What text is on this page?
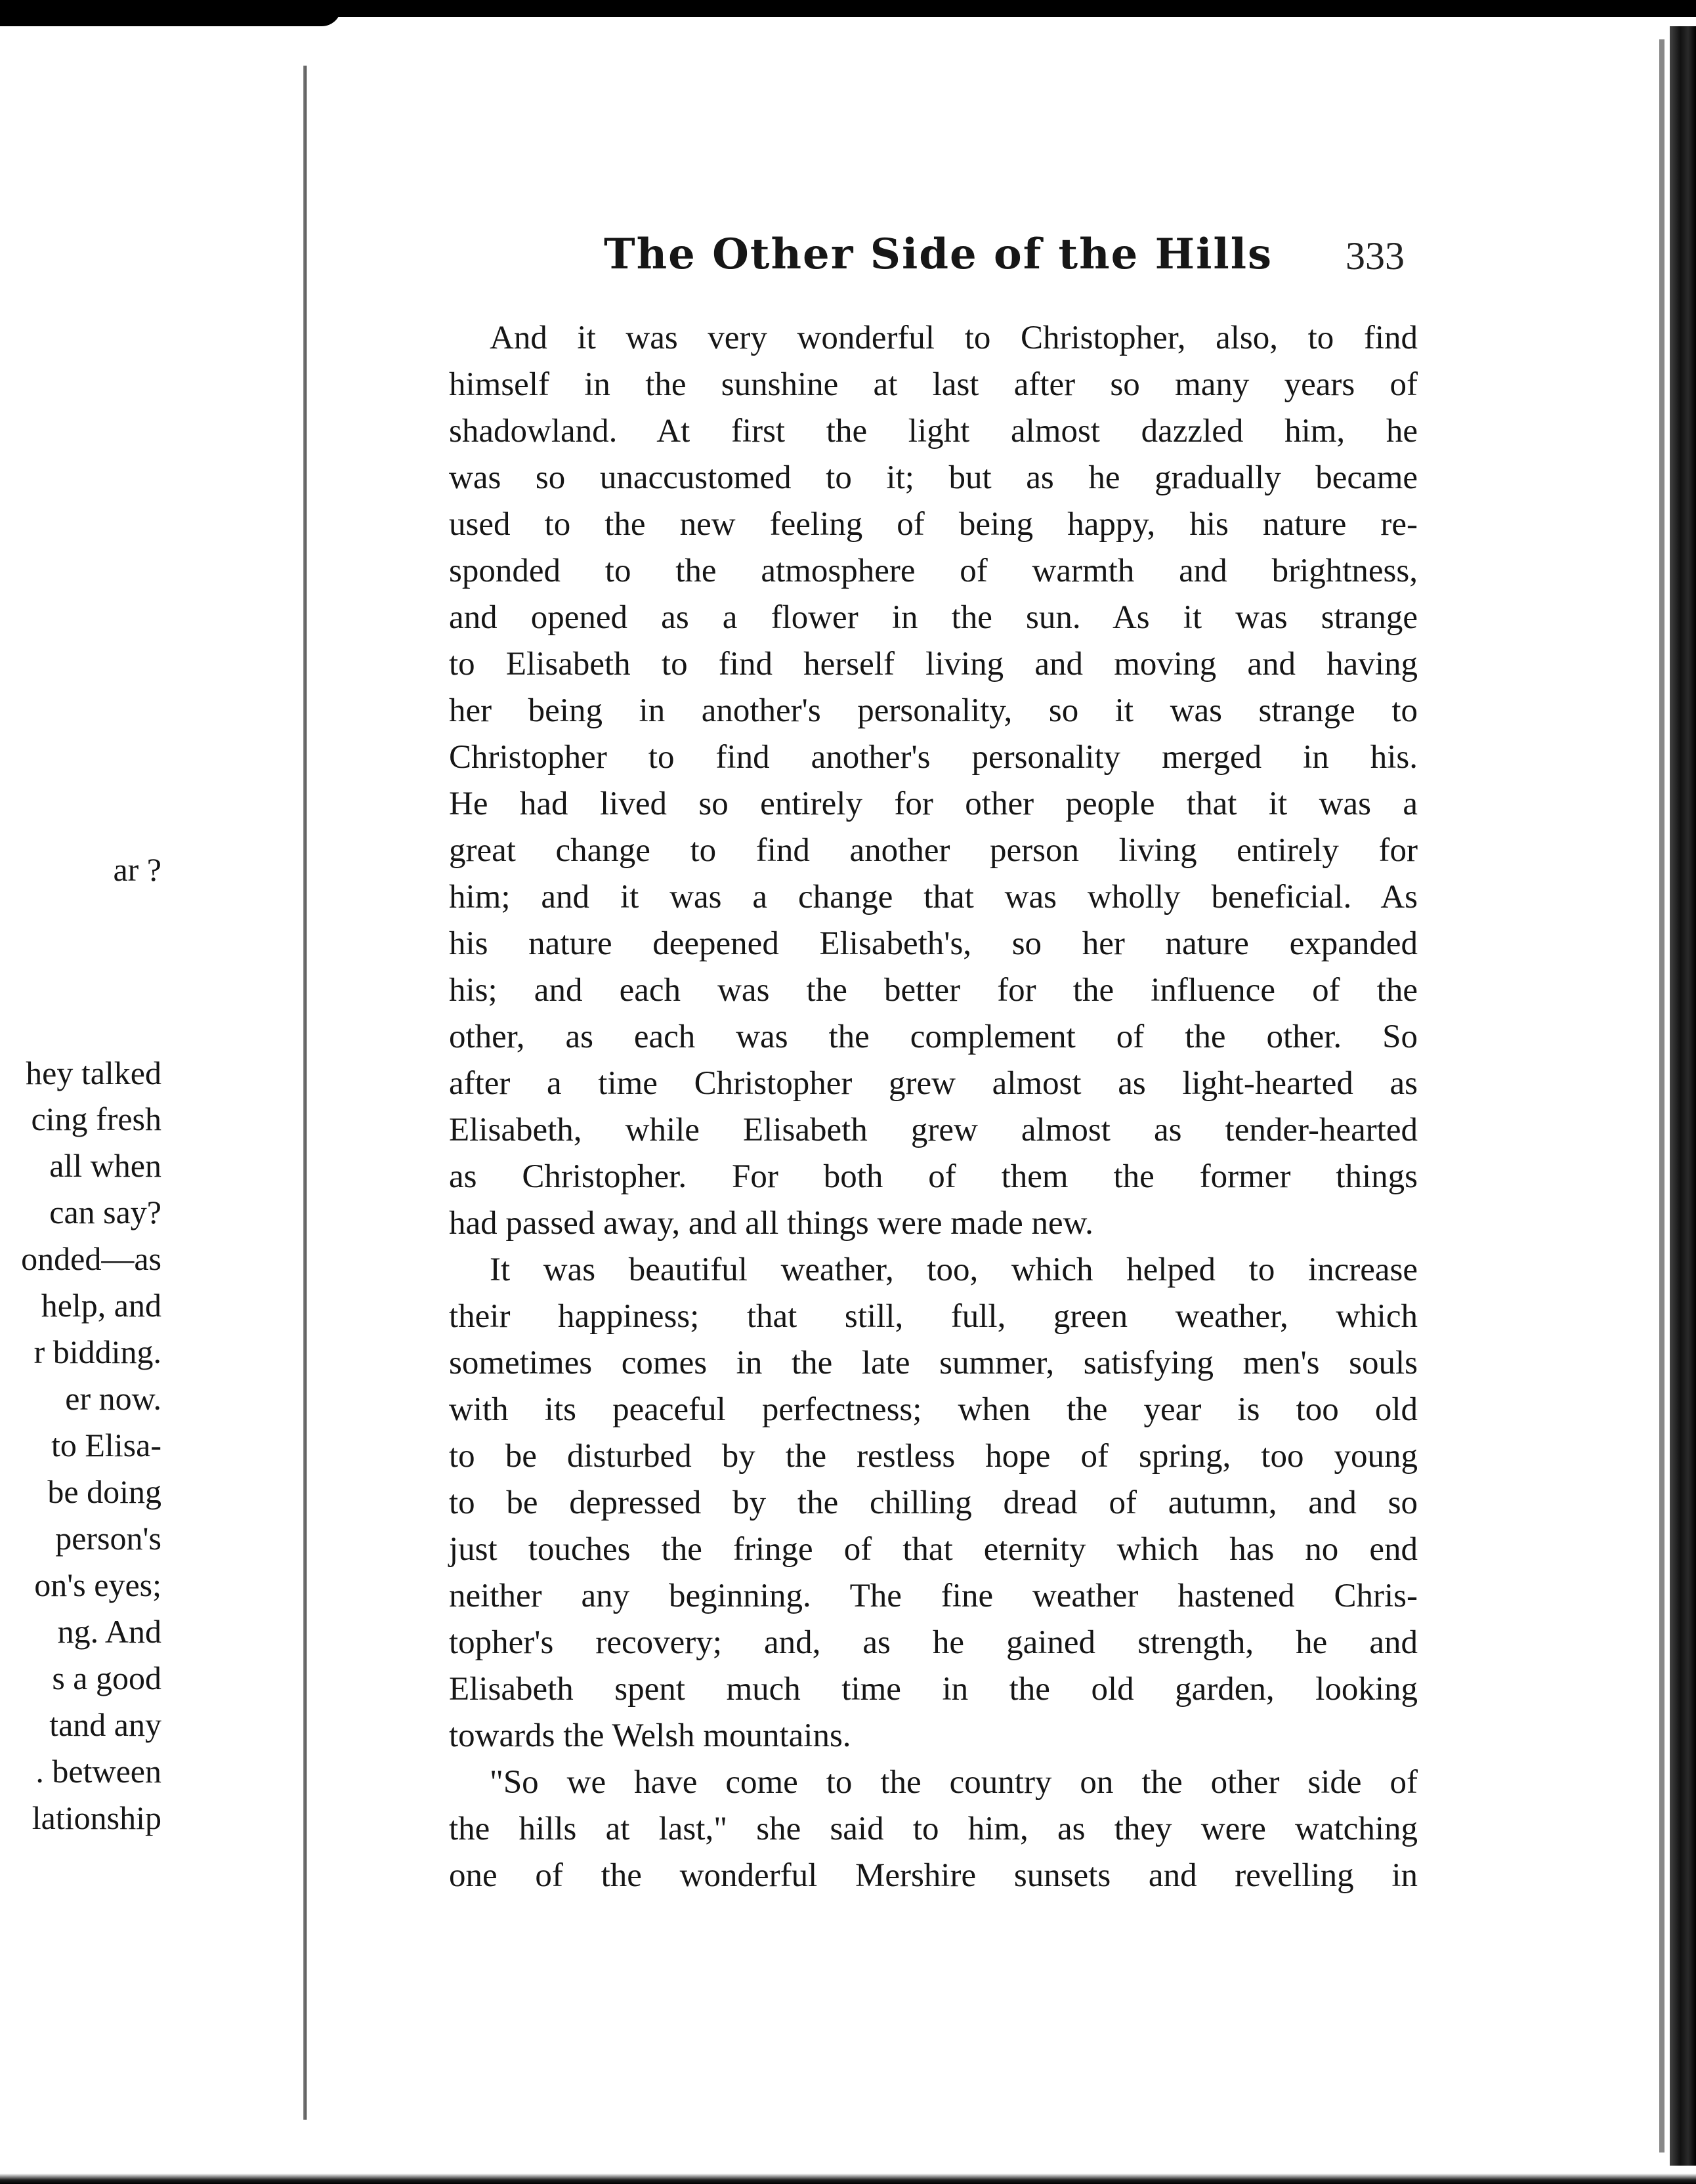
ar ?
hey talked
cing fresh
all when
can say?
onded—as
help, and
r bidding.
er now.
to Elisa-
be doing
person's
on's eyes;
ng. And
s a good
tand any
. between
lationship
The Other Side of the Hills 333
And it was very wonderful to Christopher, also, to find
himself in the sunshine at last after so many years of
shadowland. At first the light almost dazzled him, he
was so unaccustomed to it; but as he gradually became
used to the new feeling of being happy, his nature re-
sponded to the atmosphere of warmth and brightness,
and opened as a flower in the sun. As it was strange
to Elisabeth to find herself living and moving and having
her being in another's personality, so it was strange to
Christopher to find another's personality merged in his.
He had lived so entirely for other people that it was a
great change to find another person living entirely for
him; and it was a change that was wholly beneficial. As
his nature deepened Elisabeth's, so her nature expanded
his; and each was the better for the influence of the
other, as each was the complement of the other. So
after a time Christopher grew almost as light-hearted as
Elisabeth, while Elisabeth grew almost as tender-hearted
as Christopher. For both of them the former things
had passed away, and all things were made new.
It was beautiful weather, too, which helped to increase
their happiness; that still, full, green weather, which
sometimes comes in the late summer, satisfying men's souls
with its peaceful perfectness; when the year is too old
to be disturbed by the restless hope of spring, too young
to be depressed by the chilling dread of autumn, and so
just touches the fringe of that eternity which has no end
neither any beginning. The fine weather hastened Chris-
topher's recovery; and, as he gained strength, he and
Elisabeth spent much time in the old garden, looking
towards the Welsh mountains.
"So we have come to the country on the other side of
the hills at last," she said to him, as they were watching
one of the wonderful Mershire sunsets and revelling in
